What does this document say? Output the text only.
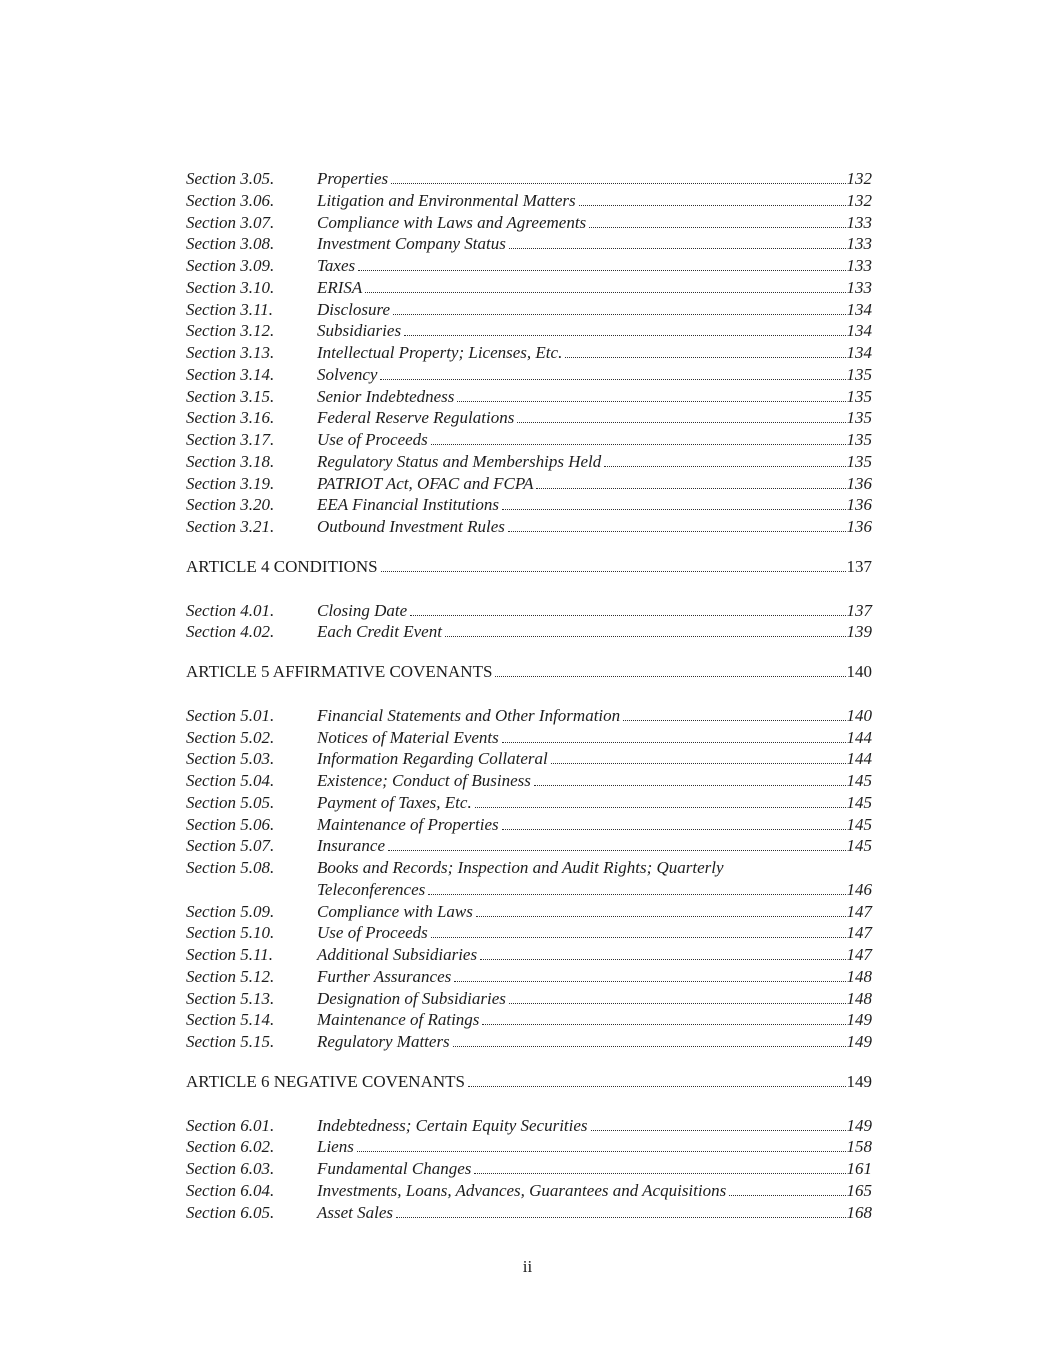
Section 3.05.	Properties	132
Section 3.06.	Litigation and Environmental Matters	132
Section 3.07.	Compliance with Laws and Agreements	133
Section 3.08.	Investment Company Status	133
Section 3.09.	Taxes	133
Section 3.10.	ERISA	133
Section 3.11.	Disclosure	134
Section 3.12.	Subsidiaries	134
Section 3.13.	Intellectual Property; Licenses, Etc.	134
Section 3.14.	Solvency	135
Section 3.15.	Senior Indebtedness	135
Section 3.16.	Federal Reserve Regulations	135
Section 3.17.	Use of Proceeds	135
Section 3.18.	Regulatory Status and Memberships Held	135
Section 3.19.	PATRIOT Act, OFAC and FCPA	136
Section 3.20.	EEA Financial Institutions	136
Section 3.21.	Outbound Investment Rules	136
ARTICLE 4 CONDITIONS	137
Section 4.01.	Closing Date	137
Section 4.02.	Each Credit Event	139
ARTICLE 5 AFFIRMATIVE COVENANTS	140
Section 5.01.	Financial Statements and Other Information	140
Section 5.02.	Notices of Material Events	144
Section 5.03.	Information Regarding Collateral	144
Section 5.04.	Existence; Conduct of Business	145
Section 5.05.	Payment of Taxes, Etc.	145
Section 5.06.	Maintenance of Properties	145
Section 5.07.	Insurance	145
Section 5.08.	Books and Records; Inspection and Audit Rights; Quarterly
Teleconferences	146
Section 5.09.	Compliance with Laws	147
Section 5.10.	Use of Proceeds	147
Section 5.11.	Additional Subsidiaries	147
Section 5.12.	Further Assurances	148
Section 5.13.	Designation of Subsidiaries	148
Section 5.14.	Maintenance of Ratings	149
Section 5.15.	Regulatory Matters	149
ARTICLE 6 NEGATIVE COVENANTS	149
Section 6.01.	Indebtedness; Certain Equity Securities	149
Section 6.02.	Liens	158
Section 6.03.	Fundamental Changes	161
Section 6.04.	Investments, Loans, Advances, Guarantees and Acquisitions	165
Section 6.05.	Asset Sales	168
ii
